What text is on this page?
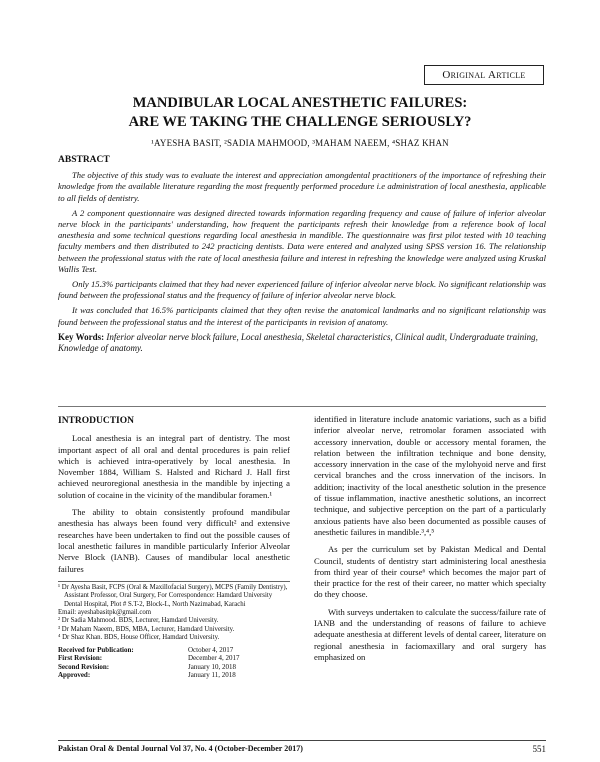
Original Article
MANDIBULAR LOCAL ANESTHETIC FAILURES:
ARE WE TAKING THE CHALLENGE SERIOUSLY?
¹AYESHA BASIT, ²SADIA MAHMOOD, ³MAHAM NAEEM, ⁴SHAZ KHAN
ABSTRACT

The objective of this study was to evaluate the interest and appreciation amongdental practitioners of the importance of refreshing their knowledge from the available literature regarding the most frequently performed procedure i.e administration of local anesthesia, applicable to all fields of dentistry.

A 2 component questionnaire was designed directed towards information regarding frequency and cause of failure of inferior alveolar nerve block in the participants' understanding, how frequent the participants refresh their knowledge from a reference book of local anesthesia and some technical questions regarding local anesthesia in mandible. The questionnaire was first pilot tested with 10 teaching faculty members and then distributed to 242 practicing dentists. Data were entered and analyzed using SPSS version 16. The relationship between the professional status with the rate of local anesthesia failure and interest in refreshing the knowledge were analyzed using Kruskal Wallis Test.

Only 15.3% participants claimed that they had never experienced failure of inferior alveolar nerve block. No significant relationship was found between the professional status and the frequency of failure of inferior alveolar nerve block.

It was concluded that 16.5% participants claimed that they often revise the anatomical landmarks and no significant relationship was found between the professional status and the interest of the participants in revision of anatomy.

Key Words: Inferior alveolar nerve block failure, Local anesthesia, Skeletal characteristics, Clinical audit, Undergraduate training, Knowledge of anatomy.
INTRODUCTION

Local anesthesia is an integral part of dentistry. The most important aspect of all oral and dental procedures is pain relief which is achieved intra-operatively by local anesthesia. In November 1884, William S. Halsted and Richard J. Hall first achieved neuroregional anesthesia in the mandible by injecting a solution of cocaine in the vicinity of the mandibular foramen.¹

The ability to obtain consistently profound mandibular anesthesia has always been found very difficult² and extensive researches have been undertaken to find out the possible causes of local anesthetic failures in mandible particularly Inferior Alveolar Nerve Block (IANB). Causes of mandibular local anesthetic failures

¹ Dr Ayesha Basit, FCPS (Oral & Maxillofacial Surgery), MCPS (Family Dentistry), Assistant Professor, Oral Surgery, For Correspondence: Hamdard University Dental Hospital, Plot # S.T-2, Block-L, North Nazimabad, Karachi
Email: ayeshabasitpk@gmail.com
² Dr Sadia Mahmood. BDS, Lecturer, Hamdard University.
³ Dr Maham Naeem, BDS, MBA, Lecturer, Hamdard University.
⁴ Dr Shaz Khan. BDS, House Officer, Hamdard University.
Received for Publication:	October 4, 2017
First Revision:	December 4, 2017
Second Revision:	January 10, 2018
Approved:	January 11, 2018

identified in literature include anatomic variations, such as a bifid inferior alveolar nerve, retromolar foramen associated with accessory innervation, double or accessory mental foramen, the relation between the infiltration technique and bone density, accessory innervation in the case of the mylohyoid nerve and first cervical branches and the cross innervation of the incisors. In addition; inactivity of the local anesthetic solution in the presence of tissue inflammation, inactive anesthetic solutions, an incorrect technique, and subjective perception on the part of a particularly anxious patients have also been documented as possible causes of anesthetic failures in mandible.³,⁴,⁵

As per the curriculum set by Pakistan Medical and Dental Council, students of dentistry start administering local anesthesia from third year of their course⁶ which becomes the major part of their practice for the rest of their career, no matter which specialty do they choose.

With surveys undertaken to calculate the success/failure rate of IANB and the understanding of reasons of failure to achieve adequate anesthesia at different levels of dental career, literature on regional anesthesia in faciomaxillary and oral surgery has emphasized on

Pakistan Oral & Dental Journal Vol 37, No. 4 (October-December 2017)	551
